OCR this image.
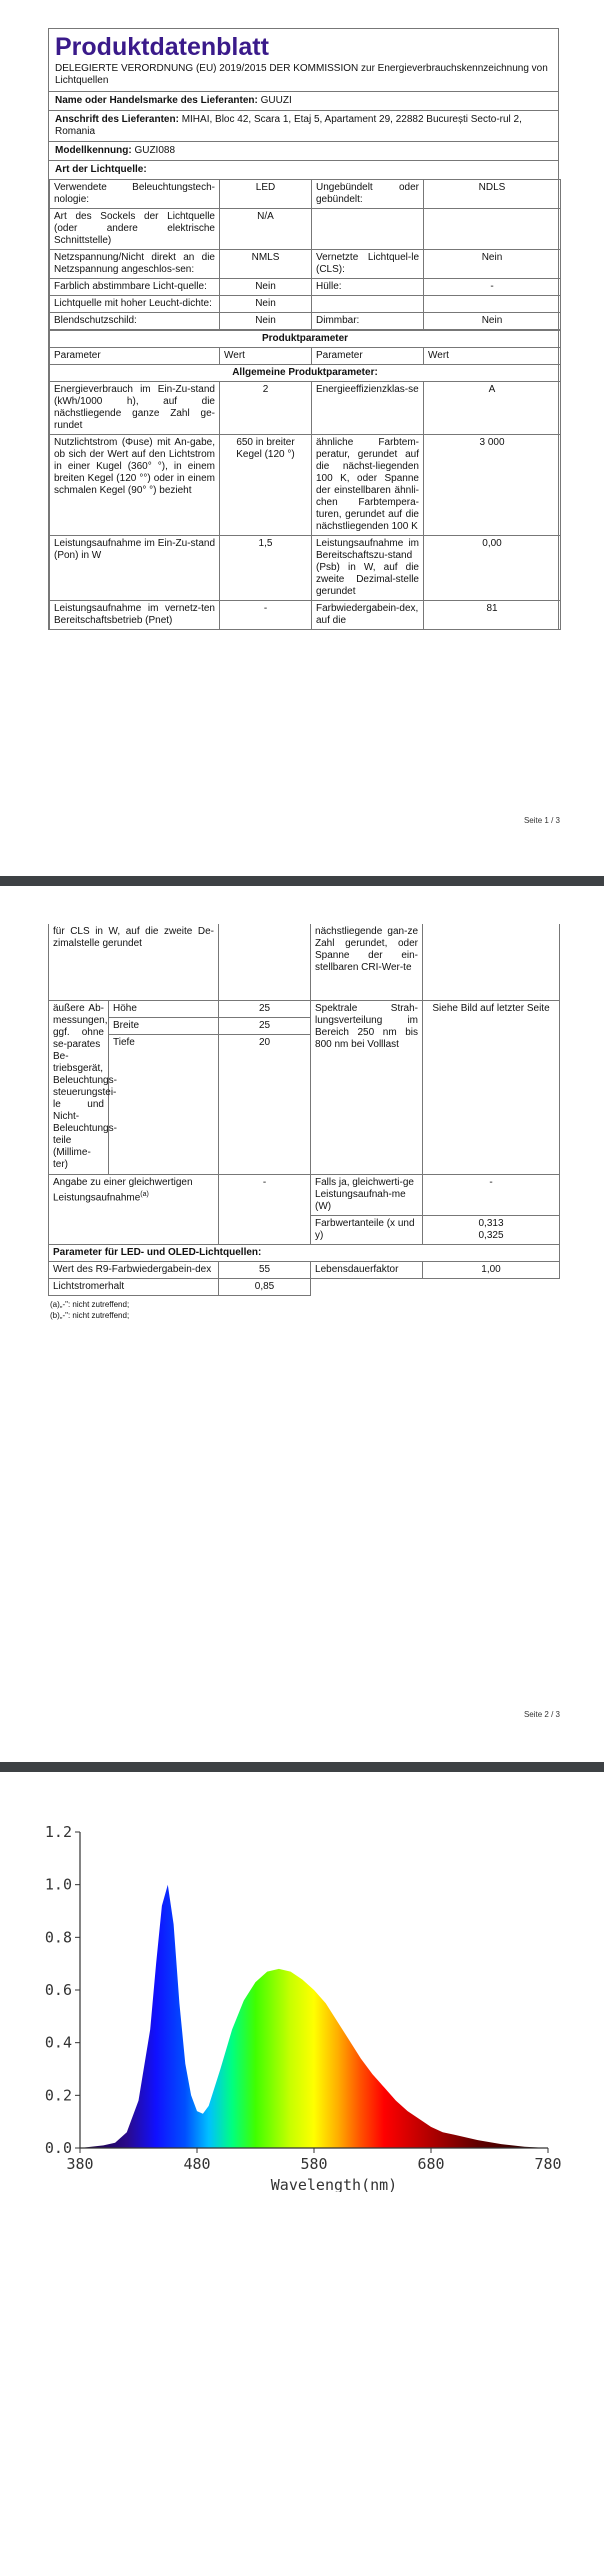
Produktdatenblatt
DELEGIERTE VERORDNUNG (EU) 2019/2015 DER KOMMISSION zur Energieverbrauchskennzeichnung von Lichtquellen
Name oder Handelsmarke des Lieferanten: GUUZI
Anschrift des Lieferanten: MIHAI, Bloc 42, Scara 1, Etaj 5, Apartament 29, 22882 București Secto-rul 2, Romania
Modellkennung: GUZI088
Art der Lichtquelle:
Verwendete Beleuchtungstech-nologie:	LED	Ungebündelt oder gebündelt:	NDLS
Art des Sockels der Lichtquelle (oder andere elektrische Schnittstelle)	N/A		
Netzspannung/Nicht direkt an die Netzspannung angeschlos-sen:	NMLS	Vernetzte Lichtquel-le (CLS):	Nein
Farblich abstimmbare Licht-quelle:	Nein	Hülle:	-
Lichtquelle mit hoher Leucht-dichte:	Nein		
Blendschutzschild:	Nein	Dimmbar:	Nein
Produktparameter			
Parameter	Wert	Parameter	Wert
Allgemeine Produktparameter:			
Energieverbrauch im Ein-Zu-stand (kWh/1000 h), auf die nächstliegende ganze Zahl ge-rundet	2	Energieeffizienzklas-se	A
Nutzlichtstrom (Φuse) mit An-gabe, ob sich der Wert auf den Lichtstrom in einer Kugel (360° °), in einem breiten Kegel (120 °°) oder in einem schmalen Kegel (90° °) bezieht	650 in breiter Kegel (120 °)	ähnliche Farbtem-peratur, gerundet auf die nächst-liegenden 100 K, oder Spanne der einstellbaren ähnli-chen Farbtempera-turen, gerundet auf die nächstliegenden 100 K	3 000
Leistungsaufnahme im Ein-Zu-stand (Pon) in W	1,5	Leistungsaufnahme im Bereitschaftszu-stand (Psb) in W, auf die zweite Dezimal-stelle gerundet	0,00
Leistungsaufnahme im vernetz-ten Bereitschaftsbetrieb (Pnet)	-	Farbwiedergabein-dex, auf die	81
Seite 1 / 3
für CLS in W, auf die zweite De-zimalstelle gerundet			nächstliegende gan-ze Zahl gerundet, oder Spanne der ein-stellbaren CRI-Wer-te	
äußere Ab-messungen, ggf. ohne se-parates Be-triebsgerät, Beleuchtungs-steuerungstei-le und Nicht-Beleuchtungs-teile (Millime-ter)	Höhe	25	Spektrale Strah-lungsverteilung im Bereich 250 nm bis 800 nm bei Volllast	Siehe Bild auf letzter Seite
	Breite	25		
	Tiefe	20		
Angabe zu einer gleichwertigen Leistungsaufnahme$^{(a)}$		-	Falls ja, gleichwerti-ge Leistungsaufnah-me (W)	-
			Farbwertanteile (x und y)	0,313
0,325

Parameter für LED- und OLED-Lichtquellen:				
Wert des R9-Farbwiedergabein-dex		55	Lebensdauerfaktor	1,00
Lichtstromerhalt		0,85		
(a)„-": nicht zutreffend;
(b)„-": nicht zutreffend;
Seite 2 / 3
0.0
0.2
0.4
0.6
0.8
1.0
1.2
380	480	580	680	780
Wavelength(nm)
